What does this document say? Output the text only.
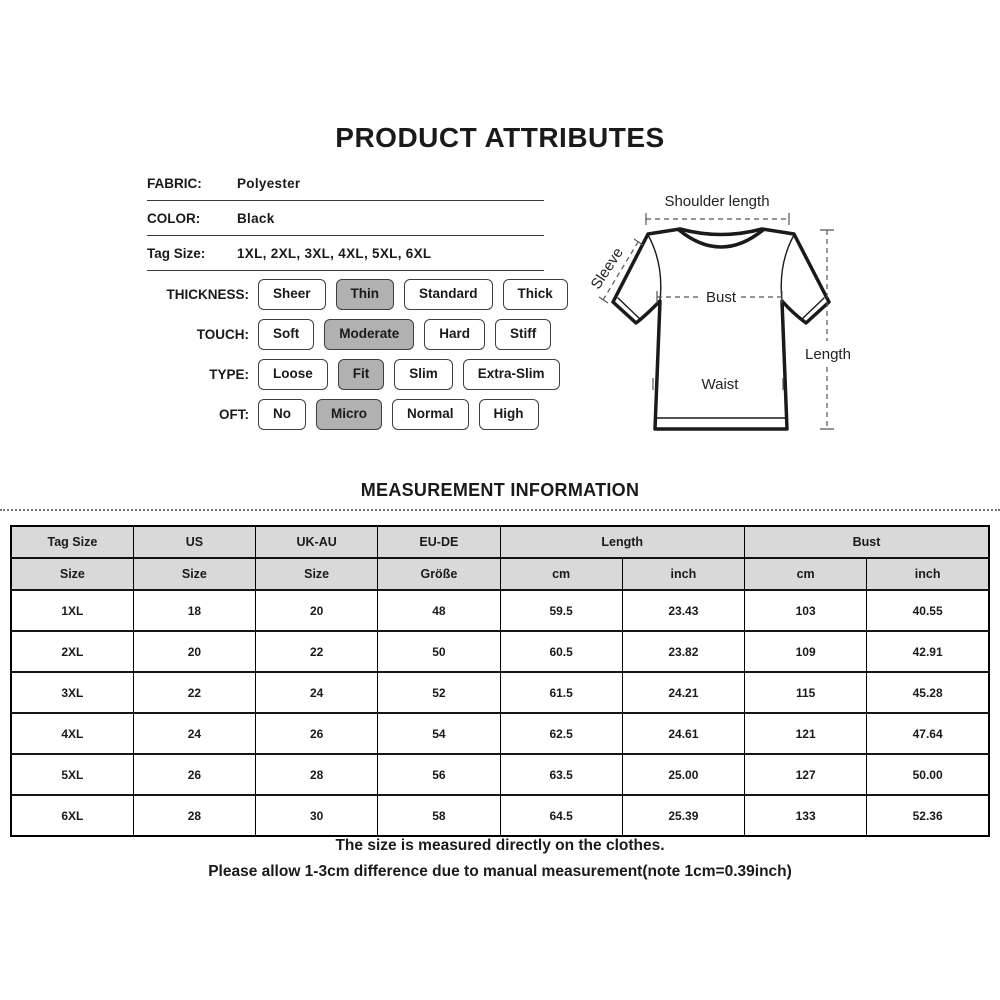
PRODUCT ATTRIBUTES
FABRIC:	Polyester
COLOR:	Black
Tag Size:	1XL, 2XL, 3XL, 4XL, 5XL, 6XL
THICKNESS:	Sheer	Thin	Standard	Thick
TOUCH:	Soft	Moderate	Hard	Stiff
TYPE:	Loose	Fit	Slim	Extra-Slim
OFT:	No	Micro	Normal	High
Shoulder length
Bust
Waist
Length
Sleeve
MEASUREMENT INFORMATION
Tag Size	US	UK-AU	EU-DE	Length		Bust	
Size	Size	Size	Größe	cm	inch	cm	inch
1XL	18	20	48	59.5	23.43	103	40.55
2XL	20	22	50	60.5	23.82	109	42.91
3XL	22	24	52	61.5	24.21	115	45.28
4XL	24	26	54	62.5	24.61	121	47.64
5XL	26	28	56	63.5	25.00	127	50.00
6XL	28	30	58	64.5	25.39	133	52.36
The size is measured directly on the clothes.
Please allow 1-3cm difference due to manual measurement(note 1cm=0.39inch)
